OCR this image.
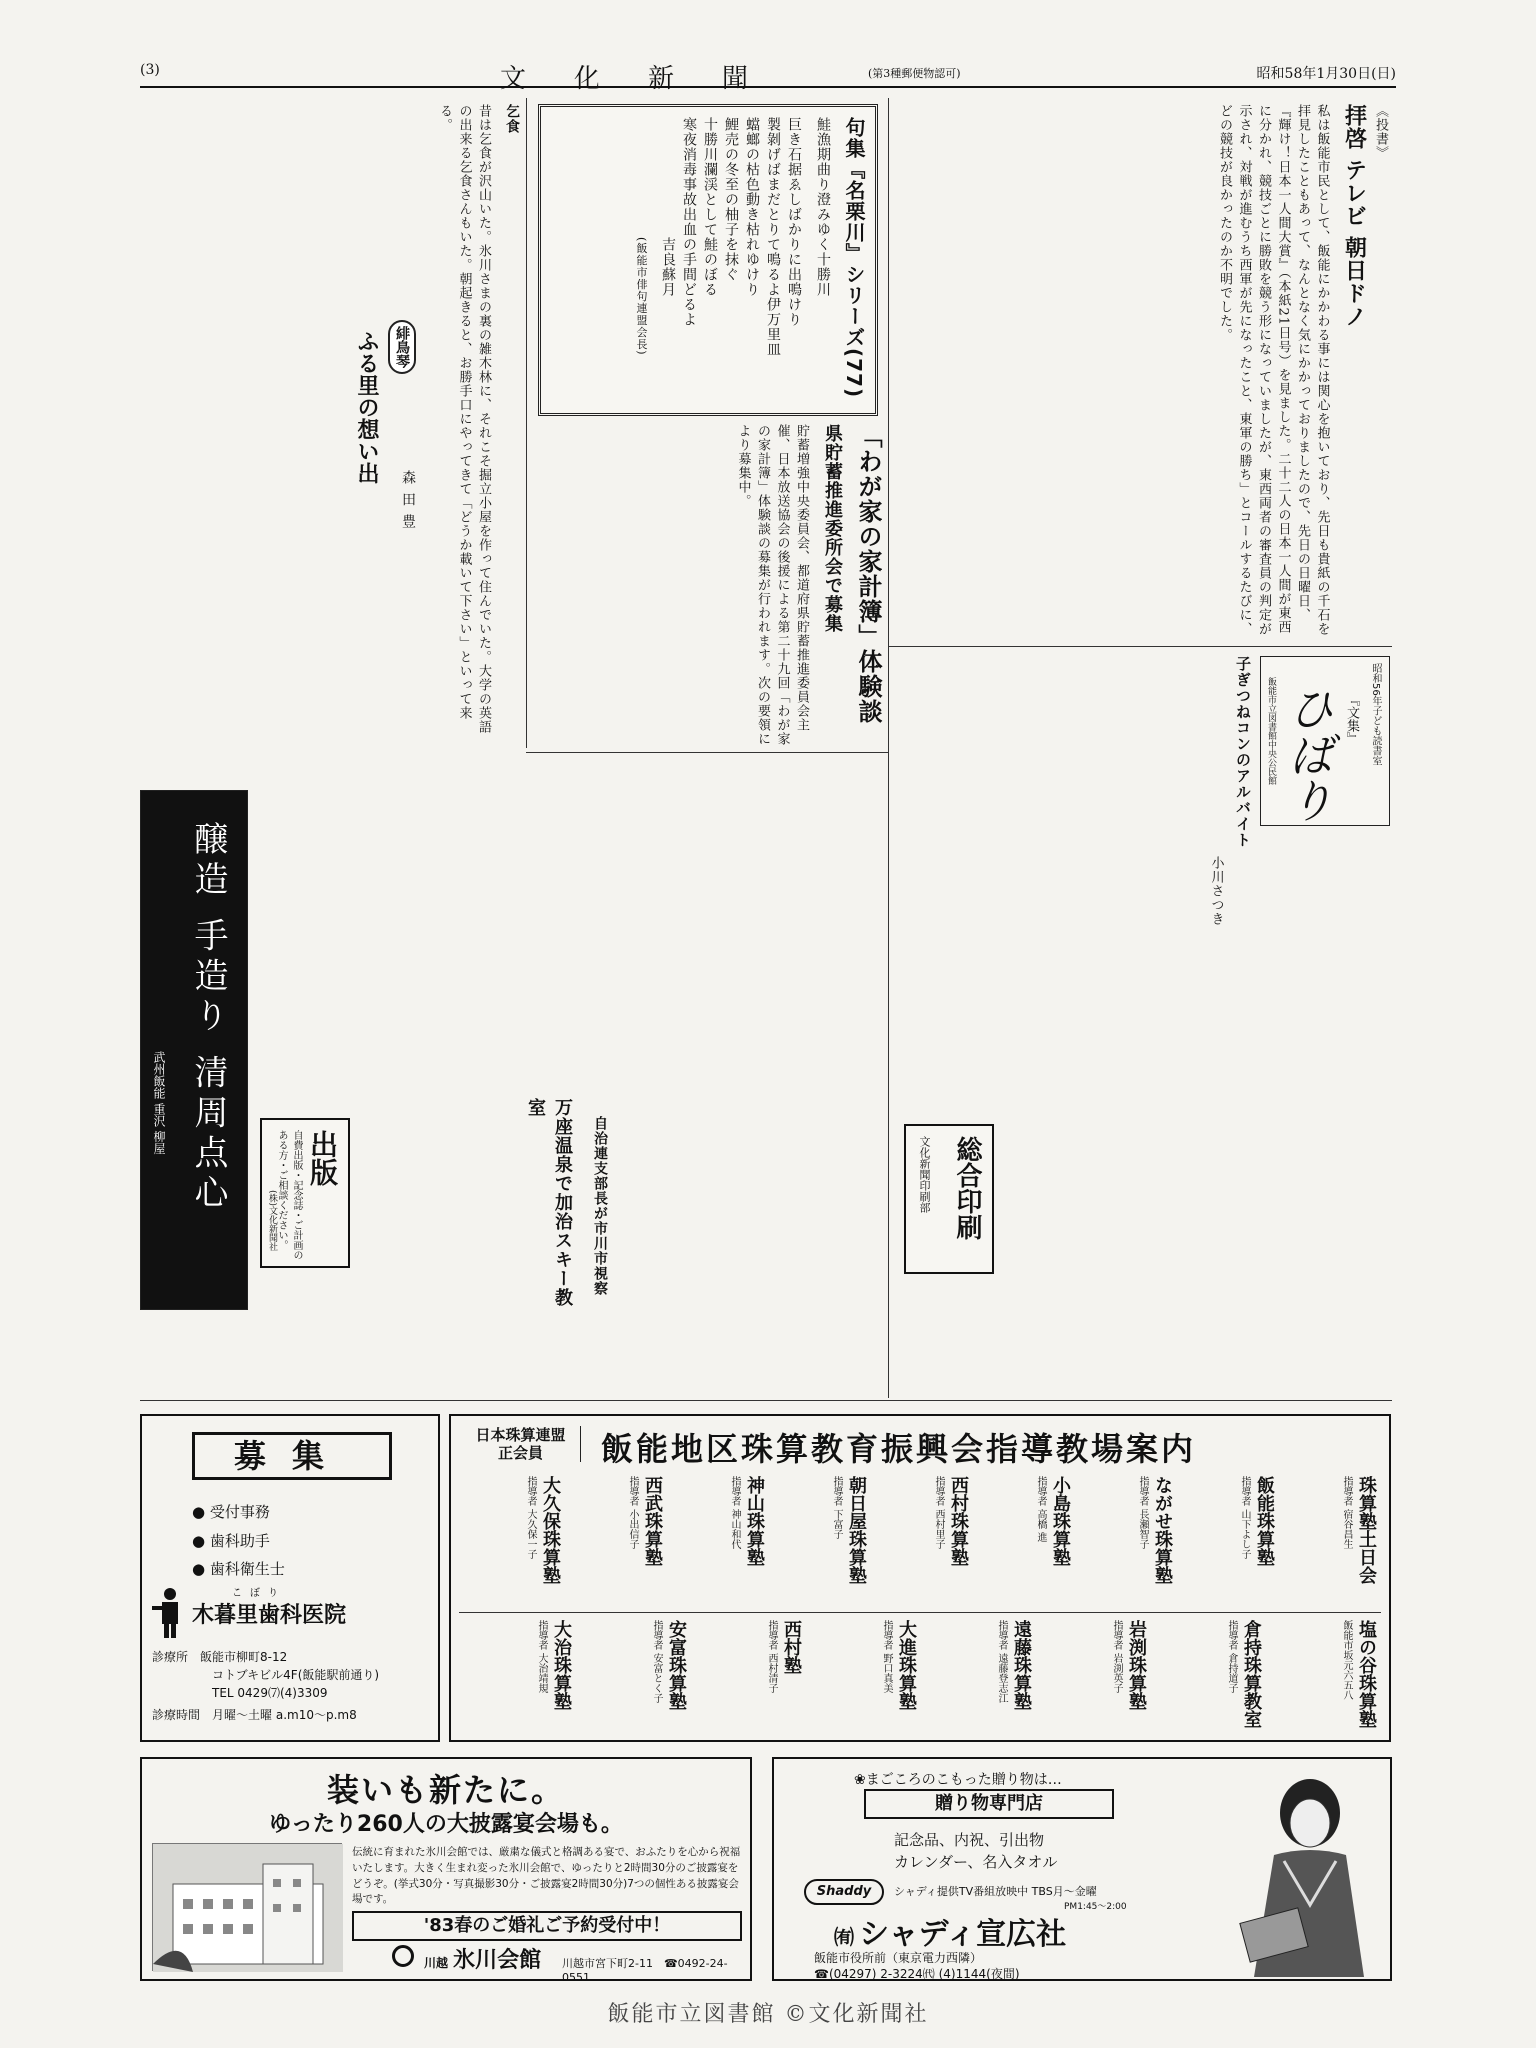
(3)	文化新聞	(第3種郵便物認可)	昭和58年1月30日(日)
《投書》
拝啓 テレビ 朝日ドノ
私は飯能市民として、飯能にかかわる事には関心を抱いており、先日も貴紙の千石を拝見したこともあって、なんとなく気にかかっておりましたので、先日の日曜日、『輝け！日本一人間大賞』（本紙21日号）を見ました。二十二人の日本一人間が東西に分かれ、競技ごとに勝敗を競う形になっていましたが、東西両者の審査員の判定が示され、対戦が進むうち西軍が先になったこと、東軍の勝ち」とコールするたびに、どの競技が良かったのか不明でした。
句集『名栗川』シリーズ(77)
鮭漁期曲り澄みゆく十勝川
巨き石据ゑしばかりに出鳴けり
製剝げばまだとりて鳴るよ伊万里皿
蟷螂の枯色動き枯れゆけり
鯉売の冬至の柚子を抹ぐ
十勝川瀾渓として鮭のぼる
寒夜消毒事故出血の手間どるよ
吉良蘇月
(飯能市俳句連盟会長)
乞食
昔は乞食が沢山いた。氷川さまの裏の雑木林に、それこそ掘立小屋を作って住んでいた。大学の英語の出来る乞食さんもいた。朝起きると、お勝手口にやってきて「どうか載いて下さい」といって来る。
緋鳥琴
ふる里の想い出
森田豊	「わが家の家計簿」体験談
県貯蓄推進委所会で募集
貯蓄増強中央委員会、都道府県貯蓄推進委員会主催、日本放送協会の後援による第二十九回「わが家の家計簿」体験談の募集が行われます。次の要領により募集中。
昭和56年子ども読書室
『文集』
ひばり
飯能市立図書館中央公民館
子ぎつねコンのアルバイト
小川さつき
万座温泉で加治スキー教室
自治連支部長が市川市視察
醸造 手造り 清周点心
武州飯能 重沢 柳屋
出版
自費出版・記念誌・ご計画のある方・ご相談ください。
(株)文化新聞社	総合印刷
文化新聞印刷部
募集
● 受付事務
● 歯科助手
● 歯科衛生士
こぼり
木暮里歯科医院
診療所　 飯能市柳町8-12
コトブキビル4F(飯能駅前通り)
TEL 0429⑺(4)3309
診療時間　 月曜〜土曜 a.m10〜p.m8
日本珠算連盟
正会員	飯能地区珠算教育振興会指導教場案内
珠算塾土日会
指導者 宿谷昌生
飯能珠算塾
指導者 山下よし子
ながせ珠算塾
指導者 長瀬智子
小島珠算塾
指導者 高橋 進
西村珠算塾
指導者 西村里子
朝日屋珠算塾
指導者 下富子
神山珠算塾
指導者 神山和代
西武珠算塾
指導者 小出信子
大久保珠算塾
指導者 大久保一子
塩の谷珠算塾
飯能市坂元六五八
倉持珠算教室
指導者 倉持道子
岩渕珠算塾
指導者 岩渕英子
遠藤珠算塾
指導者 遠藤登志江
大進珠算塾
指導者 野口真美
西村塾
指導者 西村清子
安富珠算塾
指導者 安富とく子
大治珠算塾
指導者 大治靖規
装いも新たに。
ゆったり260人の大披露宴会場も。
伝統に育まれた氷川会館では、厳粛な儀式と格調ある宴で、おふたりを心から祝福いたします。大きく生まれ変った氷川会館で、ゆったりと2時間30分のご披露宴をどうぞ。(挙式30分・写真撮影30分・ご披露宴2時間30分)7つの個性ある披露宴会場です。
'83春のご婚礼ご予約受付中！
川越 氷川会館 川越市宮下町2-11　☎0492-24-0551
❀まごころのこもった贈り物は…
贈り物専門店
記念品、内祝、引出物
カレンダー、名入タオル
Shaddy	シャディ提供TV番組放映中 TBS月〜金曜
PM1:45〜2:00
㈲ シャディ宣広社
飯能市役所前（東京電力西隣）
☎(04297) 2-3224㈹ (4)1144(夜間)
飯能市立図書館 ©文化新聞社
